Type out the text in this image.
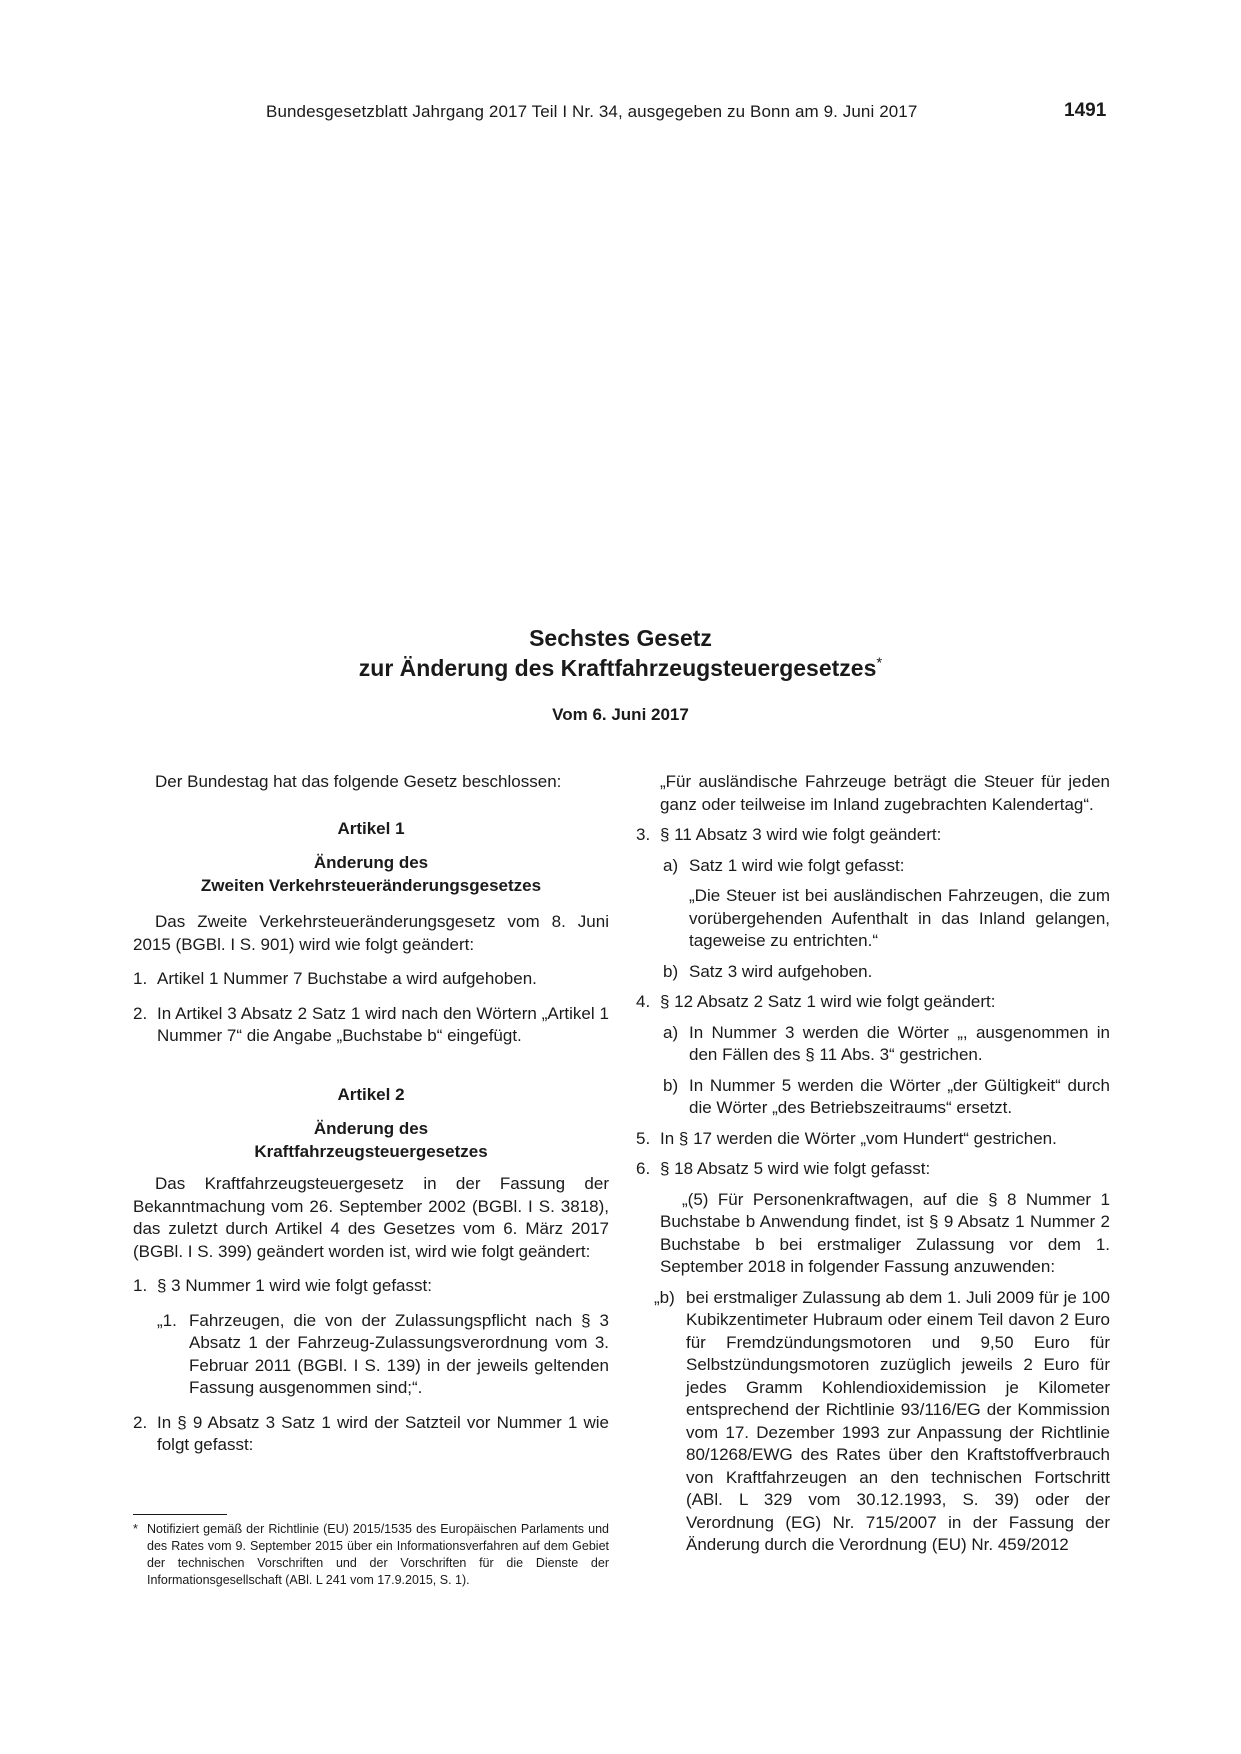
Bundesgesetzblatt Jahrgang 2017 Teil I Nr. 34, ausgegeben zu Bonn am 9. Juni 2017	1491
Sechstes Gesetz
zur Änderung des Kraftfahrzeugsteuergesetzes*
Vom 6. Juni 2017

Der Bundestag hat das folgende Gesetz beschlossen:

Artikel 1

Änderung des

Zweiten Verkehrsteueränderungsgesetzes

Das Zweite Verkehrsteueränderungsgesetz vom 8. Juni 2015 (BGBl. I S. 901) wird wie folgt geändert:

1. Artikel 1 Nummer 7 Buchstabe a wird aufgehoben.
2. In Artikel 3 Absatz 2 Satz 1 wird nach den Wörtern „Artikel 1 Nummer 7“ die Angabe „Buchstabe b“ eingefügt.

Artikel 2

Änderung des

Kraftfahrzeugsteuergesetzes

Das Kraftfahrzeugsteuergesetz in der Fassung der Bekanntmachung vom 26. September 2002 (BGBl. I S. 3818), das zuletzt durch Artikel 4 des Gesetzes vom 6. März 2017 (BGBl. I S. 399) geändert worden ist, wird wie folgt geändert:

1. § 3 Nummer 1 wird wie folgt gefasst:
„1. Fahrzeugen, die von der Zulassungspflicht nach § 3 Absatz 1 der Fahrzeug-Zulassungsverordnung vom 3. Februar 2011 (BGBl. I S. 139) in der jeweils geltenden Fassung ausgenommen sind;“.
2. In § 9 Absatz 3 Satz 1 wird der Satzteil vor Nummer 1 wie folgt gefasst:

„Für ausländische Fahrzeuge beträgt die Steuer für jeden ganz oder teilweise im Inland zugebrachten Kalendertag“.

3. § 11 Absatz 3 wird wie folgt geändert:
a) Satz 1 wird wie folgt gefasst:

„Die Steuer ist bei ausländischen Fahrzeugen, die zum vorübergehenden Aufenthalt in das Inland gelangen, tageweise zu entrichten.“

b) Satz 3 wird aufgehoben.
4. § 12 Absatz 2 Satz 1 wird wie folgt geändert:
a) In Nummer 3 werden die Wörter „, ausgenommen in den Fällen des § 11 Abs. 3“ gestrichen.
b) In Nummer 5 werden die Wörter „der Gültigkeit“ durch die Wörter „des Betriebszeitraums“ ersetzt.
5. In § 17 werden die Wörter „vom Hundert“ gestrichen.
6. § 18 Absatz 5 wird wie folgt gefasst:

„(5) Für Personenkraftwagen, auf die § 8 Nummer 1 Buchstabe b Anwendung findet, ist § 9 Absatz 1 Nummer 2 Buchstabe b bei erstmaliger Zulassung vor dem 1. September 2018 in folgender Fassung anzuwenden:

„b) bei erstmaliger Zulassung ab dem 1. Juli 2009 für je 100 Kubikzentimeter Hubraum oder einem Teil davon 2 Euro für Fremdzündungsmotoren und 9,50 Euro für Selbstzündungsmotoren zuzüglich jeweils 2 Euro für jedes Gramm Kohlendioxidemission je Kilometer entsprechend der Richtlinie 93/116/EG der Kommission vom 17. Dezember 1993 zur Anpassung der Richtlinie 80/1268/EWG des Rates über den Kraftstoffverbrauch von Kraftfahrzeugen an den technischen Fortschritt (ABl. L 329 vom 30.12.1993, S. 39) oder der Verordnung (EG) Nr. 715/2007 in der Fassung der Änderung durch die Verordnung (EU) Nr. 459/2012
* Notifiziert gemäß der Richtlinie (EU) 2015/1535 des Europäischen Parlaments und des Rates vom 9. September 2015 über ein Informationsverfahren auf dem Gebiet der technischen Vorschriften und der Vorschriften für die Dienste der Informationsgesellschaft (ABl. L 241 vom 17.9.2015, S. 1).
